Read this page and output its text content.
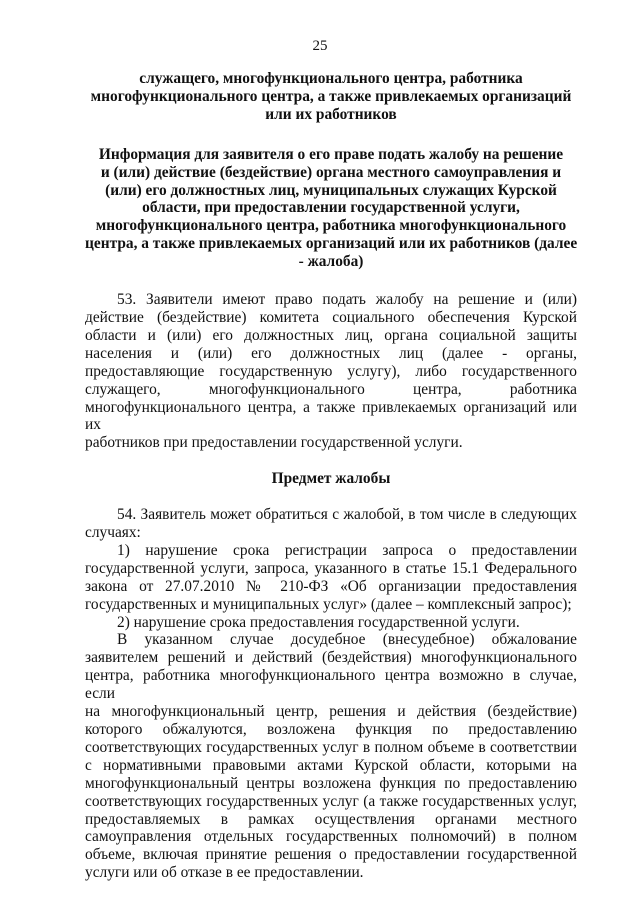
25
служащего, многофункционального центра, работника
многофункционального центра, а также привлекаемых организаций
или их работников
Информация для заявителя о его праве подать жалобу на решение
и (или) действие (бездействие) органа местного самоуправления и
(или) его должностных лиц, муниципальных служащих Курской
области, при предоставлении государственной услуги,
многофункционального центра, работника многофункционального
центра, а также привлекаемых организаций или их работников (далее
- жалоба)
53. Заявители имеют право подать жалобу на решение и (или)
действие (бездействие) комитета социального обеспечения Курской
области и (или) его должностных лиц, органа социальной защиты
населения и (или) его должностных лиц (далее - органы,
предоставляющие государственную услугу), либо государственного
служащего, многофункционального центра, работника
многофункционального центра, а также привлекаемых организаций или их
работников при предоставлении государственной услуги.
Предмет жалобы
54. Заявитель может обратиться с жалобой, в том числе в следующих
случаях:
1) нарушение срока регистрации запроса о предоставлении
государственной услуги, запроса, указанного в статье 15.1 Федерального
закона от 27.07.2010 № 210-ФЗ «Об организации предоставления
государственных и муниципальных услуг» (далее – комплексный запрос);
2) нарушение срока предоставления государственной услуги.
В указанном случае досудебное (внесудебное) обжалование
заявителем решений и действий (бездействия) многофункционального
центра, работника многофункционального центра возможно в случае, если
на многофункциональный центр, решения и действия (бездействие)
которого обжалуются, возложена функция по предоставлению
соответствующих государственных услуг в полном объеме в соответствии
с нормативными правовыми актами Курской области, которыми на
многофункциональный центры возложена функция по предоставлению
соответствующих государственных услуг (а также государственных услуг,
предоставляемых в рамках осуществления органами местного
самоуправления отдельных государственных полномочий) в полном
объеме, включая принятие решения о предоставлении государственной
услуги или об отказе в ее предоставлении.
